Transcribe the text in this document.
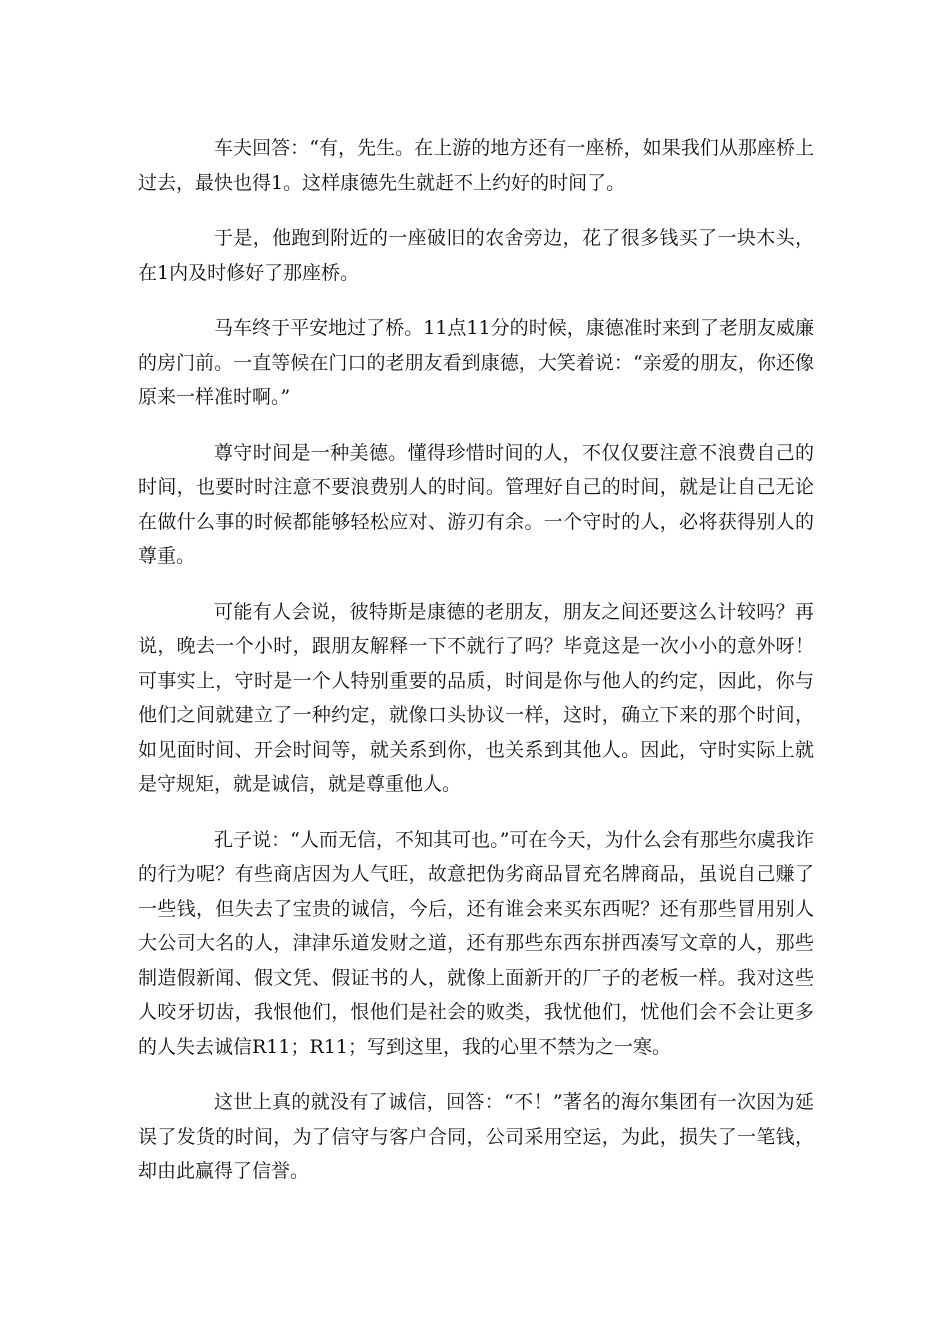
车夫回答：“有，先生。在上游的地方还有一座桥，如果我们从那座桥上过去，最快也得1。这样康德先生就赶不上约好的时间了。

于是，他跑到附近的一座破旧的农舍旁边，花了很多钱买了一块木头，在1内及时修好了那座桥。

马车终于平安地过了桥。11点11分的时候，康德准时来到了老朋友威廉的房门前。一直等候在门口的老朋友看到康德，大笑着说：“亲爱的朋友，你还像原来一样准时啊。”

尊守时间是一种美德。懂得珍惜时间的人，不仅仅要注意不浪费自己的时间，也要时时注意不要浪费别人的时间。管理好自己的时间，就是让自己无论在做什么事的时候都能够轻松应对、游刃有余。一个守时的人，必将获得别人的尊重。

可能有人会说，彼特斯是康德的老朋友，朋友之间还要这么计较吗？再说，晚去一个小时，跟朋友解释一下不就行了吗？毕竟这是一次小小的意外呀！可事实上，守时是一个人特别重要的品质，时间是你与他人的约定，因此，你与他们之间就建立了一种约定，就像口头协议一样，这时，确立下来的那个时间，如见面时间、开会时间等，就关系到你，也关系到其他人。因此，守时实际上就是守规矩，就是诚信，就是尊重他人。

孔子说：“人而无信，不知其可也。”可在今天，为什么会有那些尔虞我诈的行为呢？有些商店因为人气旺，故意把伪劣商品冒充名牌商品，虽说自己赚了一些钱，但失去了宝贵的诚信，今后，还有谁会来买东西呢？还有那些冒用别人大公司大名的人，津津乐道发财之道，还有那些东西东拼西凑写文章的人，那些制造假新闻、假文凭、假证书的人，就像上面新开的厂子的老板一样。我对这些人咬牙切齿，我恨他们，恨他们是社会的败类，我忧他们，忧他们会不会让更多的人失去诚信R11；R11；写到这里，我的心里不禁为之一寒。

这世上真的就没有了诚信，回答：“不！”著名的海尔集团有一次因为延误了发货的时间，为了信守与客户合同，公司采用空运，为此，损失了一笔钱，却由此赢得了信誉。
